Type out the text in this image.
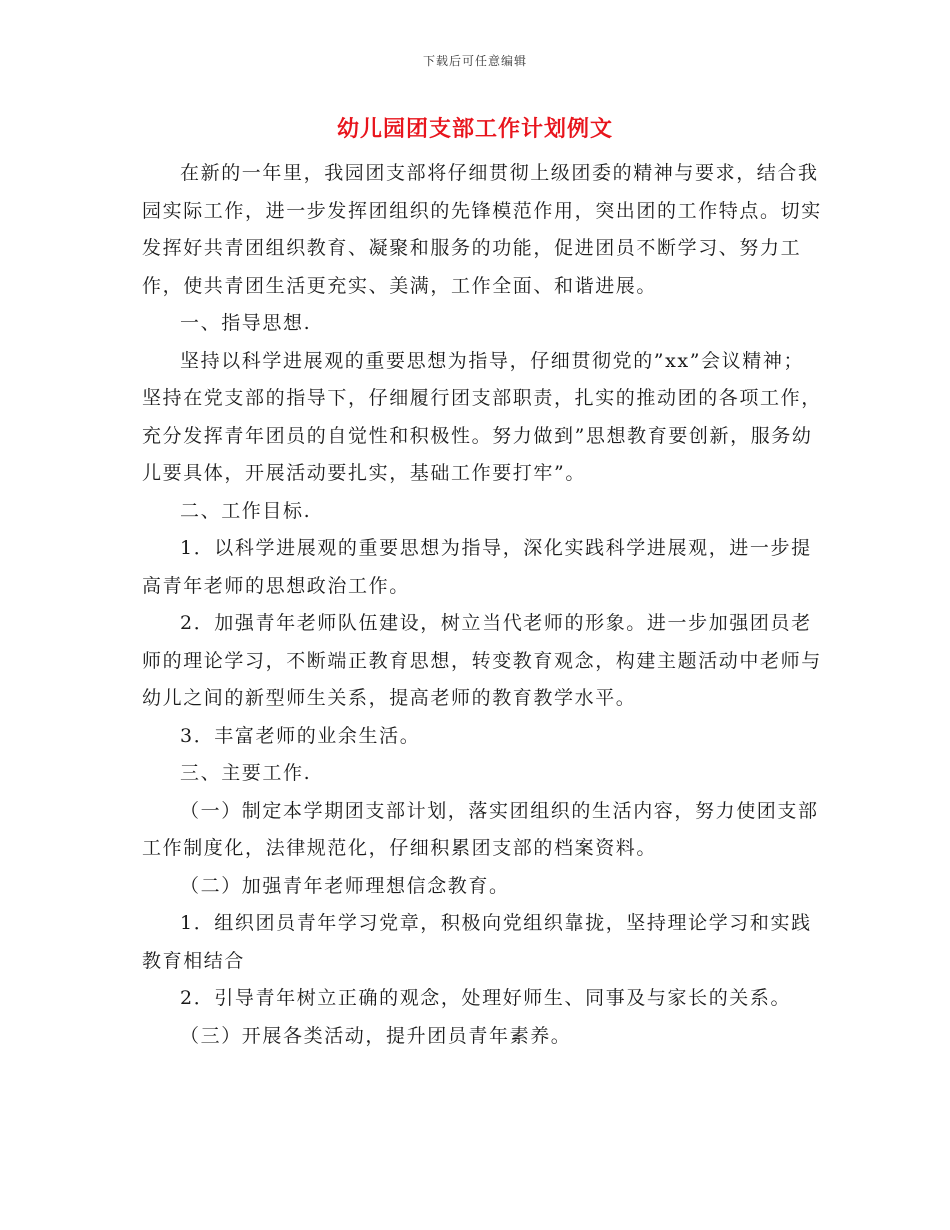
下载后可任意编辑
幼儿园团支部工作计划例文

在新的一年里，我园团支部将仔细贯彻上级团委的精神与要求，结合我园实际工作，进一步发挥团组织的先锋模范作用，突出团的工作特点。切实发挥好共青团组织教育、凝聚和服务的功能，促进团员不断学习、努力工作，使共青团生活更充实、美满，工作全面、和谐进展。

一、指导思想.

坚持以科学进展观的重要思想为指导，仔细贯彻党的”xx”会议精神；坚持在党支部的指导下，仔细履行团支部职责，扎实的推动团的各项工作，充分发挥青年团员的自觉性和积极性。努力做到”思想教育要创新，服务幼儿要具体，开展活动要扎实，基础工作要打牢”。

二、工作目标.

1．以科学进展观的重要思想为指导，深化实践科学进展观，进一步提高青年老师的思想政治工作。

2．加强青年老师队伍建设，树立当代老师的形象。进一步加强团员老师的理论学习，不断端正教育思想，转变教育观念，构建主题活动中老师与幼儿之间的新型师生关系，提高老师的教育教学水平。

3．丰富老师的业余生活。

三、主要工作.

（一）制定本学期团支部计划，落实团组织的生活内容，努力使团支部工作制度化，法律规范化，仔细积累团支部的档案资料。

（二）加强青年老师理想信念教育。

1．组织团员青年学习党章，积极向党组织靠拢，坚持理论学习和实践教育相结合

2．引导青年树立正确的观念，处理好师生、同事及与家长的关系。

（三）开展各类活动，提升团员青年素养。
